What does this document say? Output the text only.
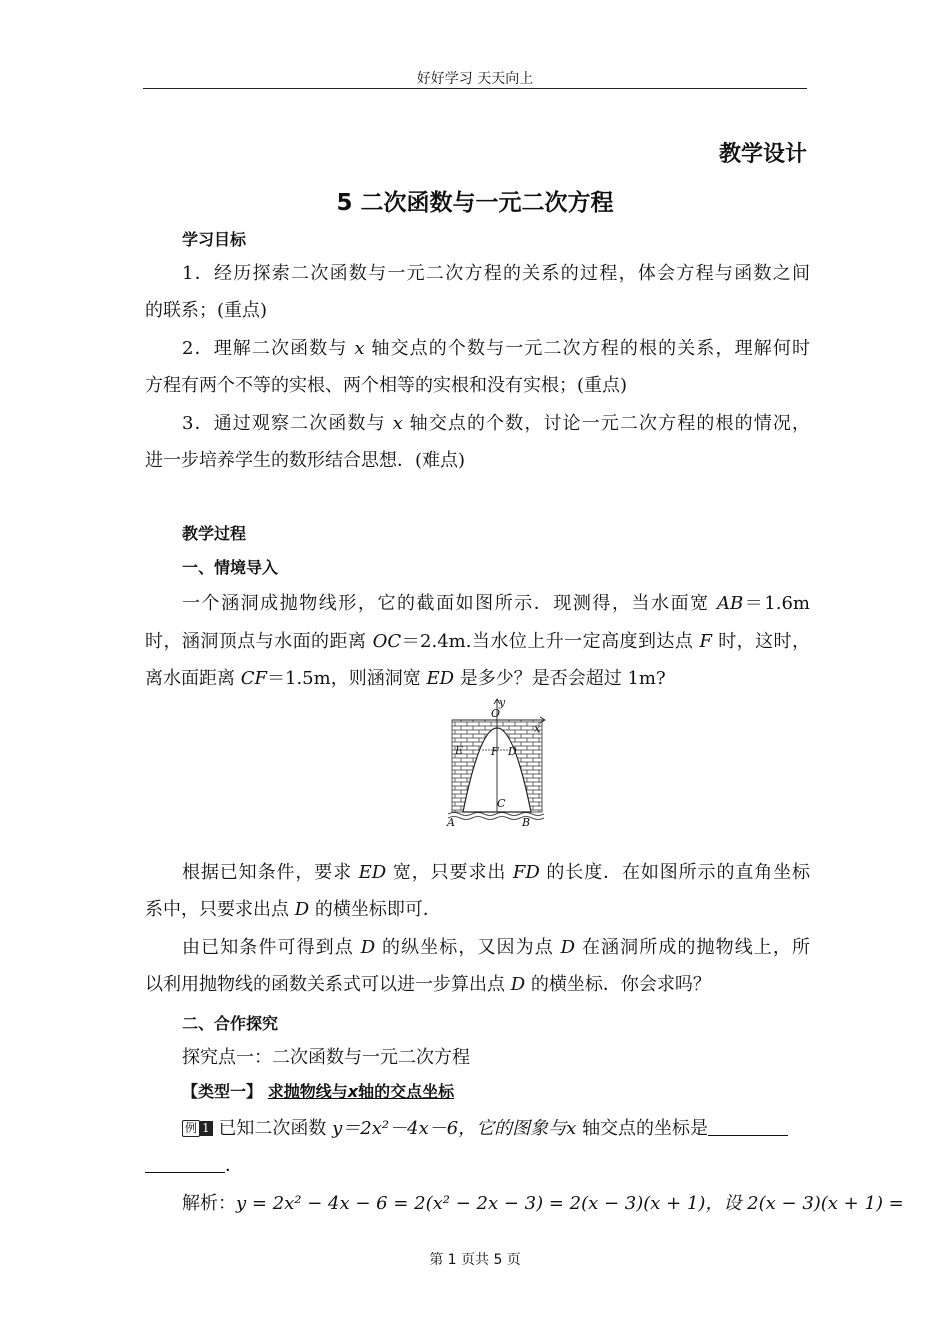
好好学习 天天向上
教学设计
5 二次函数与一元二次方程
学习目标
1．经历探索二次函数与一元二次方程的关系的过程，体会方程与函数之间
的联系；(重点)
2．理解二次函数与 x 轴交点的个数与一元二次方程的根的关系，理解何时
方程有两个不等的实根、两个相等的实根和没有实根；(重点)
3．通过观察二次函数与 x 轴交点的个数，讨论一元二次方程的根的情况，
进一步培养学生的数形结合思想．(难点)
教学过程
一、情境导入
一个涵洞成抛物线形，它的截面如图所示．现测得，当水面宽 AB＝1.6m
时，涵洞顶点与水面的距离 OC＝2.4m.当水位上升一定高度到达点 F 时，这时，
离水面距离 CF＝1.5m，则涵洞宽 ED 是多少？是否会超过 1m?
y
O
x
E	F D
C
A	B
根据已知条件，要求 ED 宽，只要求出 FD 的长度．在如图所示的直角坐标
系中，只要求出点 D 的横坐标即可．
由已知条件可得到点 D 的纵坐标，又因为点 D 在涵洞所成的抛物线上，所
以利用抛物线的函数关系式可以进一步算出点 D 的横坐标．你会求吗？
二、合作探究
探究点一：二次函数与一元二次方程
【类型一】 求抛物线与x轴的交点坐标
例 1 已知二次函数 y＝2x²－4x－6，它的图象与x 轴交点的坐标是
．
解析：y = 2x² − 4x − 6 = 2(x² − 2x − 3) = 2(x − 3)(x + 1)，设 2(x − 3)(x + 1) =
第 1 页共 5 页
